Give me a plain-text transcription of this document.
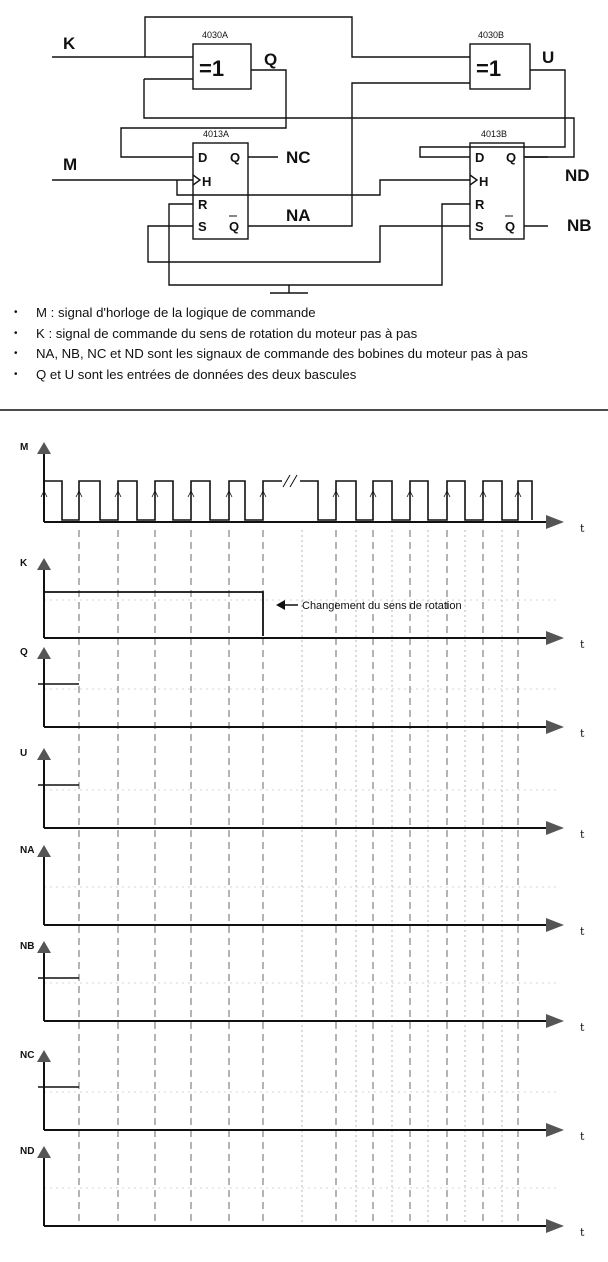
K
M
Q	U
NC
NA
ND
NB
4030A	4030B
4013A	4013B
=1	=1
D
H
R
S
Q
Q
D
H
R
S
Q
Q
M
t
K
t
Q
t
U
t
NA
t
NB
t
NC
t
ND
t
Changement du sens de rotation
• M : signal d'horloge de la logique de commande
• K : signal de commande du sens de rotation du moteur pas à pas
• NA, NB, NC et ND sont les signaux de commande des bobines du moteur pas à pas
• Q et U sont les entrées de données des deux bascules
